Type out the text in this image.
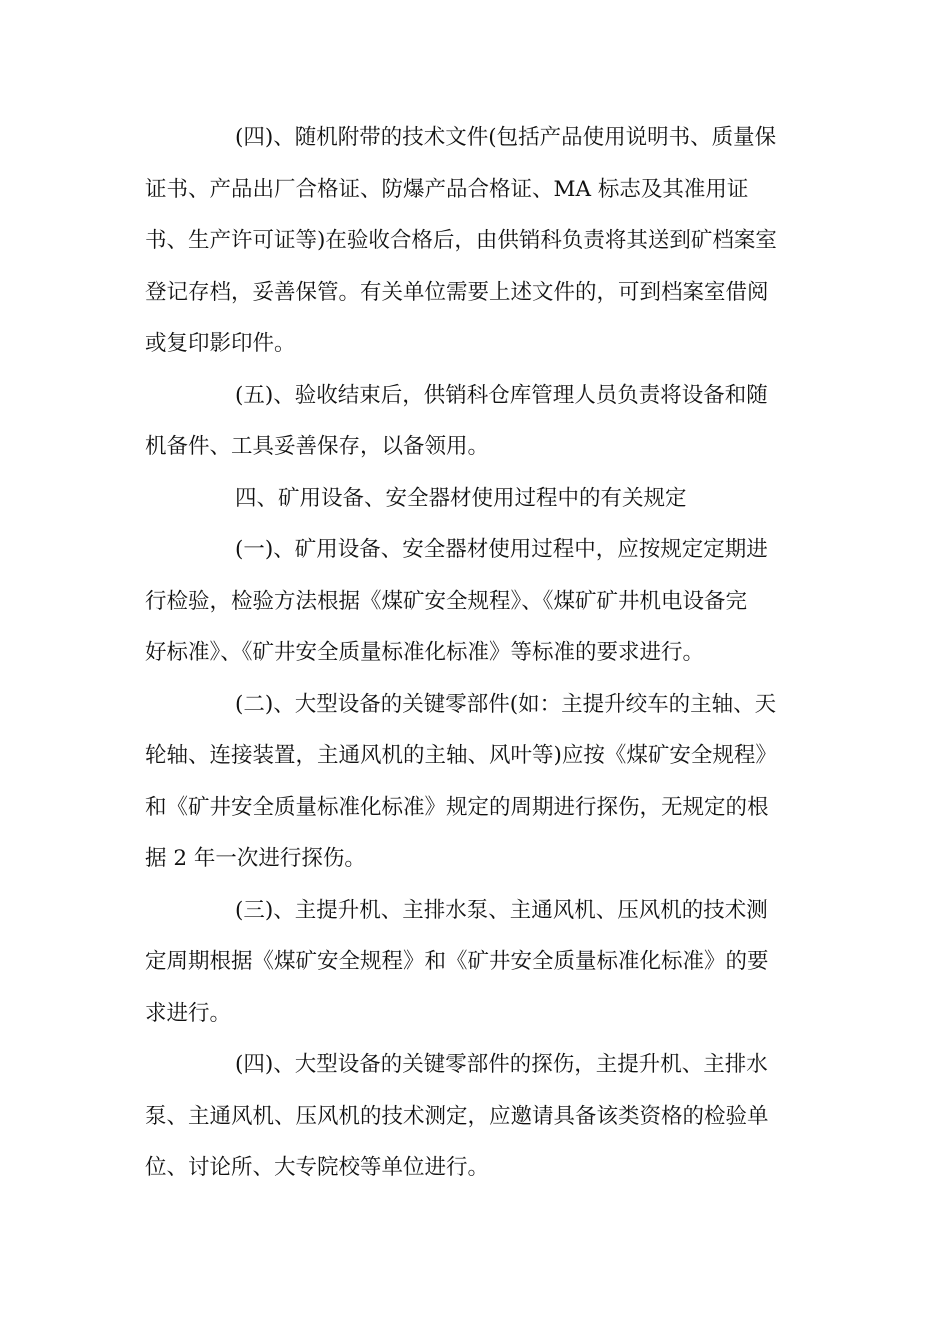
(四)、随机附带的技术文件(包括产品使用说明书、质量保
证书、产品出厂合格证、防爆产品合格证、MA 标志及其准用证
书、生产许可证等)在验收合格后，由供销科负责将其送到矿档案室
登记存档，妥善保管。有关单位需要上述文件的，可到档案室借阅
或复印影印件。
(五)、验收结束后，供销科仓库管理人员负责将设备和随
机备件、工具妥善保存，以备领用。
四、矿用设备、安全器材使用过程中的有关规定
(一)、矿用设备、安全器材使用过程中，应按规定定期进
行检验，检验方法根据《煤矿安全规程》、《煤矿矿井机电设备完
好标准》、《矿井安全质量标准化标准》等标准的要求进行。
(二)、大型设备的关键零部件(如：主提升绞车的主轴、天
轮轴、连接装置，主通风机的主轴、风叶等)应按《煤矿安全规程》
和《矿井安全质量标准化标准》规定的周期进行探伤，无规定的根
据 2 年一次进行探伤。
(三)、主提升机、主排水泵、主通风机、压风机的技术测
定周期根据《煤矿安全规程》和《矿井安全质量标准化标准》的要
求进行。
(四)、大型设备的关键零部件的探伤，主提升机、主排水
泵、主通风机、压风机的技术测定，应邀请具备该类资格的检验单
位、讨论所、大专院校等单位进行。
